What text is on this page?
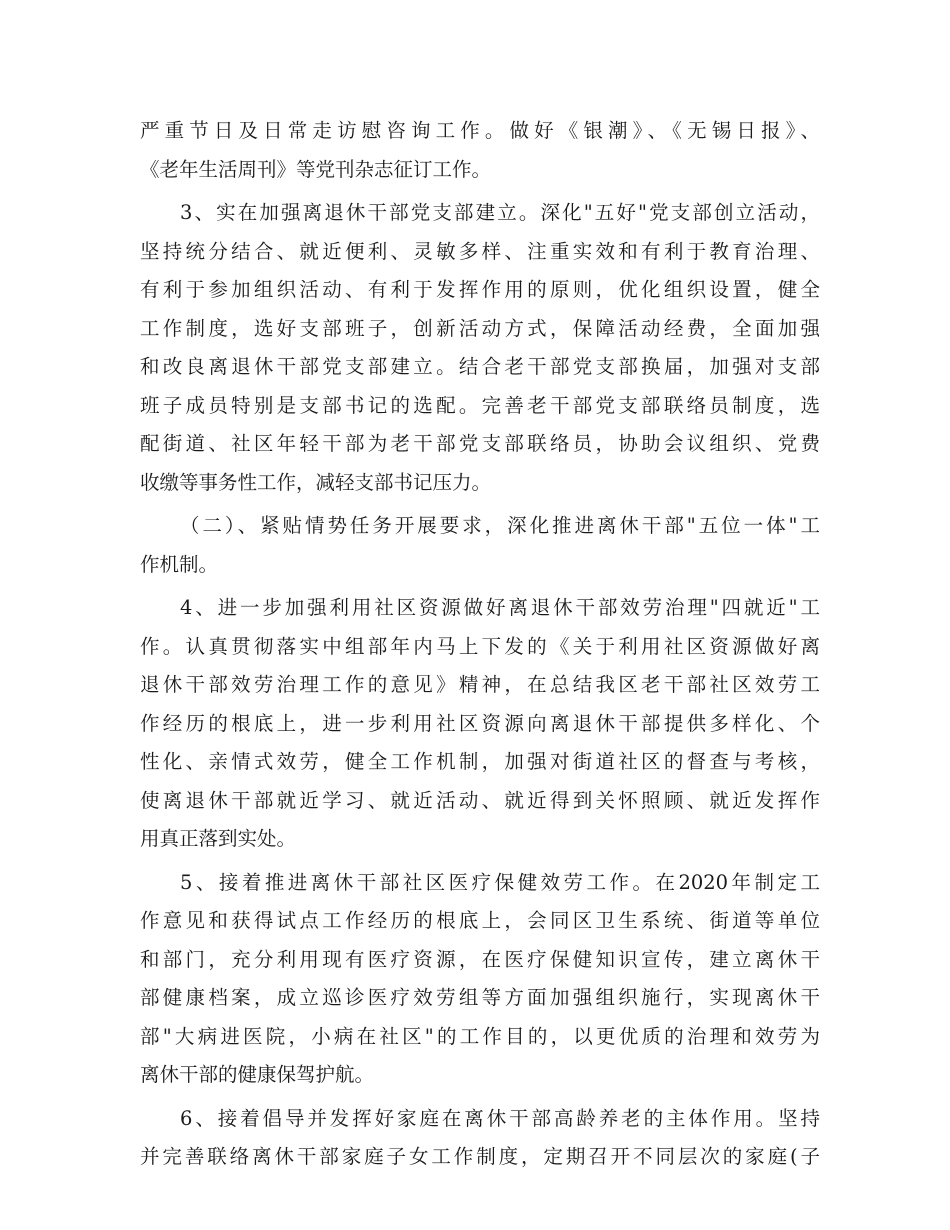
严重节日及日常走访慰咨询工作。做好《银潮》、《无锡日报》、
《老年生活周刊》等党刊杂志征订工作。
3、实在加强离退休干部党支部建立。深化"五好"党支部创立活动，
坚持统分结合、就近便利、灵敏多样、注重实效和有利于教育治理、
有利于参加组织活动、有利于发挥作用的原则，优化组织设置，健全
工作制度，选好支部班子，创新活动方式，保障活动经费，全面加强
和改良离退休干部党支部建立。结合老干部党支部换届，加强对支部
班子成员特别是支部书记的选配。完善老干部党支部联络员制度，选
配街道、社区年轻干部为老干部党支部联络员，协助会议组织、党费
收缴等事务性工作，减轻支部书记压力。
（二）、紧贴情势任务开展要求，深化推进离休干部"五位一体"工
作机制。
4、进一步加强利用社区资源做好离退休干部效劳治理"四就近"工
作。认真贯彻落实中组部年内马上下发的《关于利用社区资源做好离
退休干部效劳治理工作的意见》精神，在总结我区老干部社区效劳工
作经历的根底上，进一步利用社区资源向离退休干部提供多样化、个
性化、亲情式效劳，健全工作机制，加强对街道社区的督查与考核，
使离退休干部就近学习、就近活动、就近得到关怀照顾、就近发挥作
用真正落到实处。
5、接着推进离休干部社区医疗保健效劳工作。在2020年制定工
作意见和获得试点工作经历的根底上，会同区卫生系统、街道等单位
和部门，充分利用现有医疗资源，在医疗保健知识宣传，建立离休干
部健康档案，成立巡诊医疗效劳组等方面加强组织施行，实现离休干
部"大病进医院，小病在社区"的工作目的，以更优质的治理和效劳为
离休干部的健康保驾护航。
6、接着倡导并发挥好家庭在离休干部高龄养老的主体作用。坚持
并完善联络离休干部家庭子女工作制度，定期召开不同层次的家庭(子
